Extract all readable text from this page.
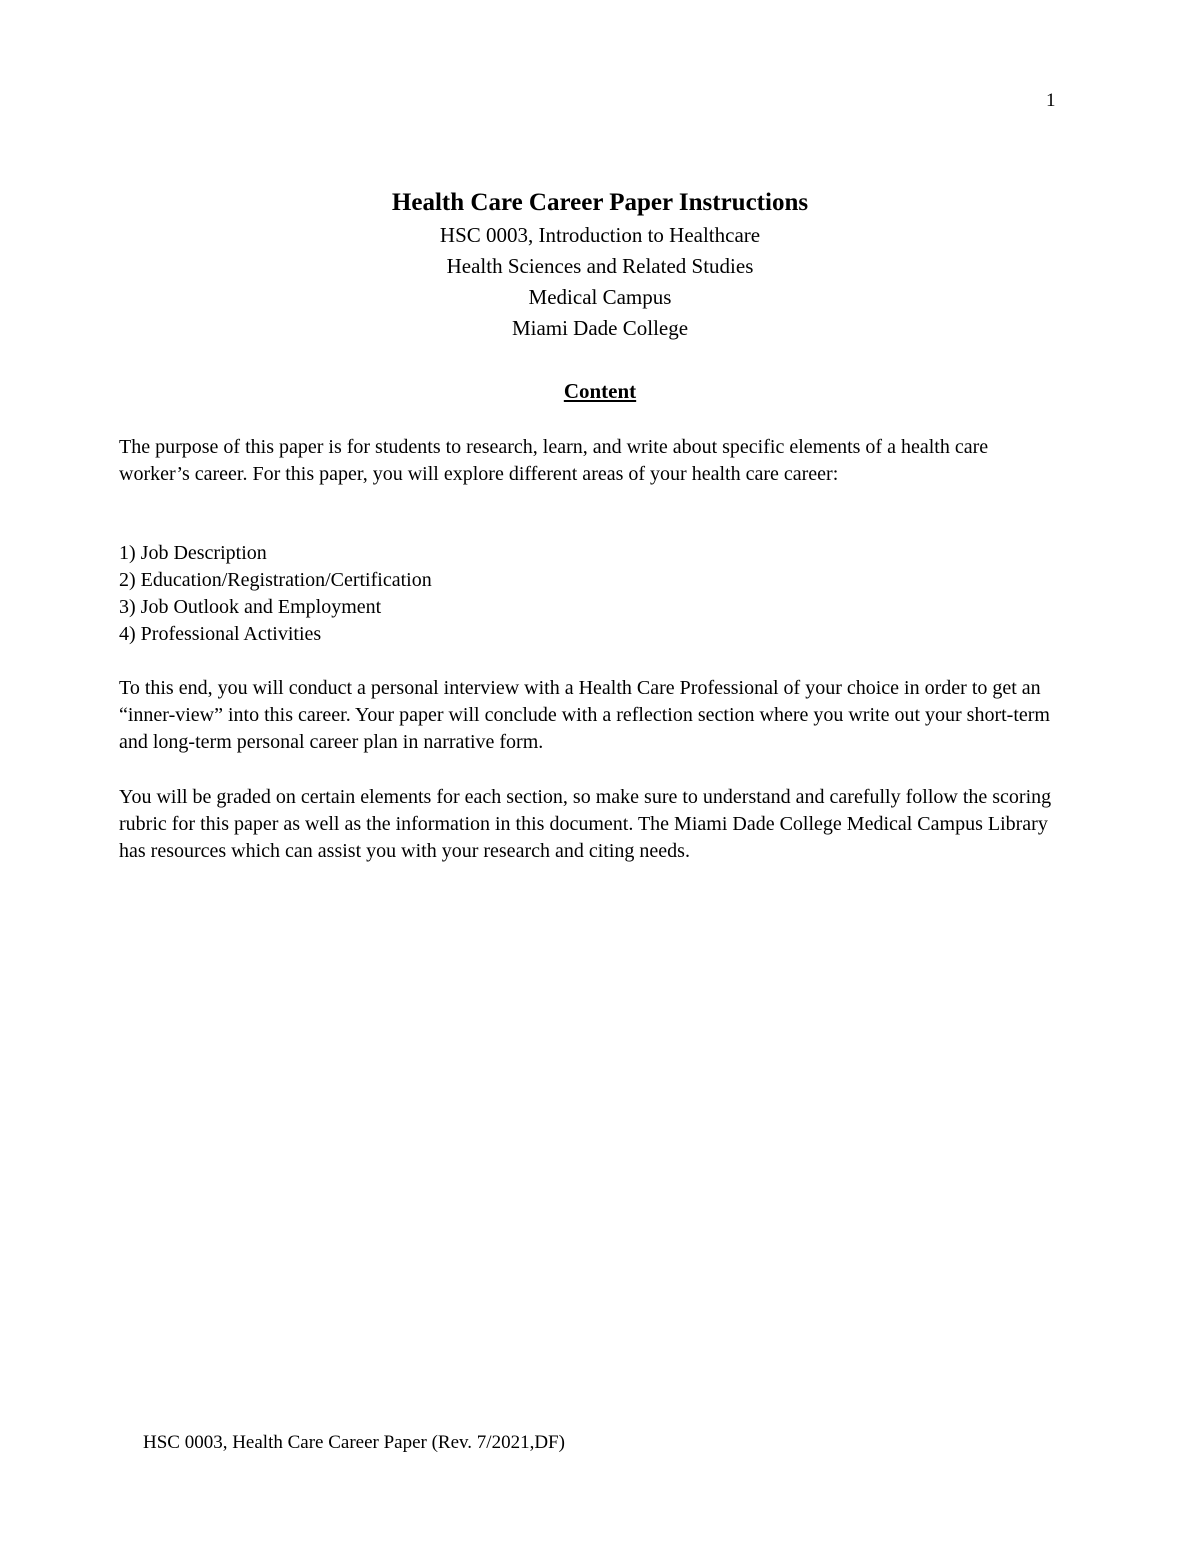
1
Health Care Career Paper Instructions

HSC 0003, Introduction to Healthcare

Health Sciences and Related Studies

Medical Campus

Miami Dade College

Content

The purpose of this paper is for students to research, learn, and write about specific elements of a health care worker’s career. For this paper, you will explore different areas of your health care career:

1) Job Description
2) Education/Registration/Certification
3) Job Outlook and Employment
4) Professional Activities

To this end, you will conduct a personal interview with a Health Care Professional of your choice in order to get an “inner-view” into this career. Your paper will conclude with a reflection section where you write out your short-term and long-term personal career plan in narrative form.

You will be graded on certain elements for each section, so make sure to understand and carefully follow the scoring rubric for this paper as well as the information in this document. The Miami Dade College Medical Campus Library has resources which can assist you with your research and citing needs.

HSC 0003, Health Care Career Paper (Rev. 7/2021,DF)
